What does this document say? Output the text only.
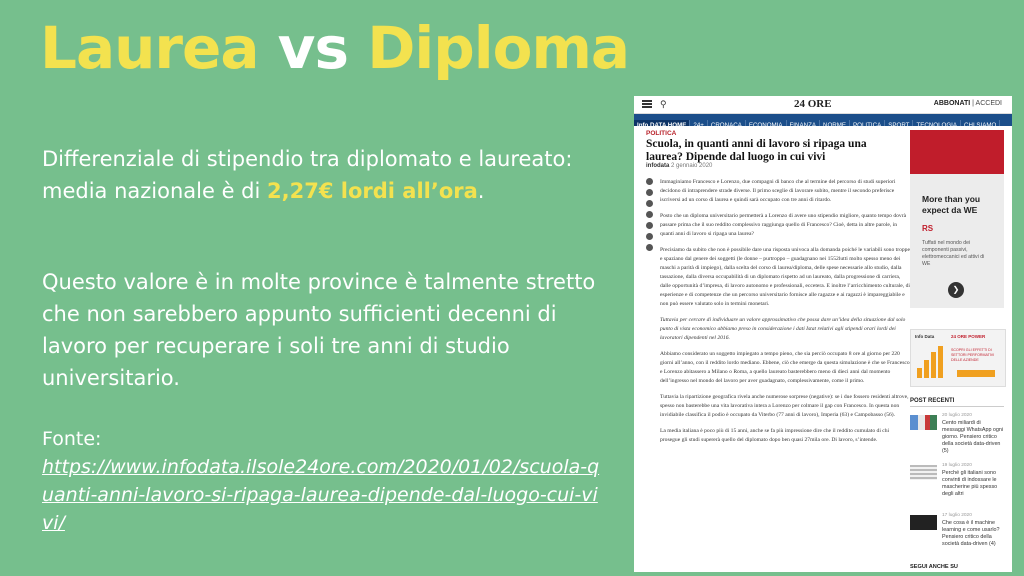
Laurea vs Diploma
Differenziale di stipendio tra diplomato e laureato: media nazionale è di 2,27€ lordi all’ora.
Questo valore è in molte province è talmente stretto che non sarebbero appunto sufficienti decenni di lavoro per recuperare i soli tre anni di studio universitario.
Fonte:
https://www.infodata.ilsole24ore.com/2020/01/02/scuola-quanti-anni-lavoro-si-ripaga-laurea-dipende-dal-luogo-cui-vivi/
⚲	24 ORE	ABBONATI | ACCEDI
Info DATA HOME 24+ CRONACA ECONOMIA FINANZA NORME POLITICA SPORT TECNOLOGIA CHI SIAMO
POLITICA
Scuola, in quanti anni di lavoro si ripaga una laurea? Dipende dal luogo in cui vivi
infodata 2 gennaio 2020

Immaginiamo Francesco e Lorenzo, due compagni di banco che al termine del percorso di studi superiori decidono di intraprendere strade diverse. Il primo sceglie di lavorare subito, mentre il secondo preferisce iscriversi ad un corso di laurea e quindi sarà occupato con tre anni di ritardo.

Posto che un diploma universitario permetterà a Lorenzo di avere uno stipendio migliore, quanto tempo dovrà passare prima che il suo reddito complessivo raggiunga quello di Francesco? Cioè, detta in altre parole, in quanti anni di lavoro si ripaga una laurea?

Precisiamo da subito che non è possibile dare una risposta univoca alla domanda poiché le variabili sono troppe e spaziano dal genere dei soggetti (le donne – purtroppo – guadagnano nei 1552lutti molto spesso meno dei maschi a parità di impiego), dalla scelta del corso di laurea/diploma, delle spese necessarie allo studio, dalla tassazione, dalla diversa occupabilità di un diplomato rispetto ad un laureato, dalla progressione di carriera, dalle opportunità d’impresa, di lavoro autonomo e professionali, eccetera. E inoltre l’arricchimento culturale, di esperienze e di competenze che un percorso universitario fornisce alle ragazze e ai ragazzi è impareggiabile e non può essere valutato solo in termini monetari.

Tuttavia per cercare di individuare un valore approssimativo che possa dare un’idea della situazione dal solo punto di vista economico abbiamo preso in considerazione i dati Istat relativi agli stipendi orari lordi dei lavoratori dipendenti nel 2016.

Abbiamo considerato un soggetto impiegato a tempo pieno, che sia perciò occupato 8 ore al giorno per 220 giorni all’anno, con il reddito lordo mediano. Ebbene, ciò che emerge da questa simulazione è che se Francesco e Lorenzo abitassero a Milano o Roma, a quello laureato basterebbero meno di dieci anni dal momento dell’ingresso nel mondo del lavoro per aver guadagnato, complessivamente, come il primo.

Tuttavia la ripartizione geografica rivela anche numerose sorprese (negative): se i due fossero residenti altrove, spesso non basterebbe una vita lavorativa intera a Lorenzo per colmare il gap con Francesco. In questa non invidiabile classifica il podio è occupato da Viterbo (77 anni di lavoro), Imperia (63) e Campobasso (56).

La media italiana è poco più di 15 anni, anche se fa più impressione dire che il reddito cumulato di chi prosegue gli studi supererà quello del diplomato dopo ben quasi 27mila ore. Di lavoro, s’intende.

More than you expect da WE
RS
Tuffati nel mondo dei componenti passivi, elettromeccanici ed attivi di WE
❯
Info Data	24 ORE POWER
SCOPRI GLI EFFETTI DI SETTORI PERFORMATIVI DELLE AZIENDE
POST RECENTI
20 luglio 2020
Cento miliardi di messaggi WhatsApp ogni giorno. Pensiero critico della società data-driven (5)
19 luglio 2020
Perché gli italiani sono convinti di indossare le mascherine più spesso degli altri
17 luglio 2020
Che cosa è il machine learning e come usarlo? Pensiero critico della società data-driven (4)
SEGUI ANCHE SU
